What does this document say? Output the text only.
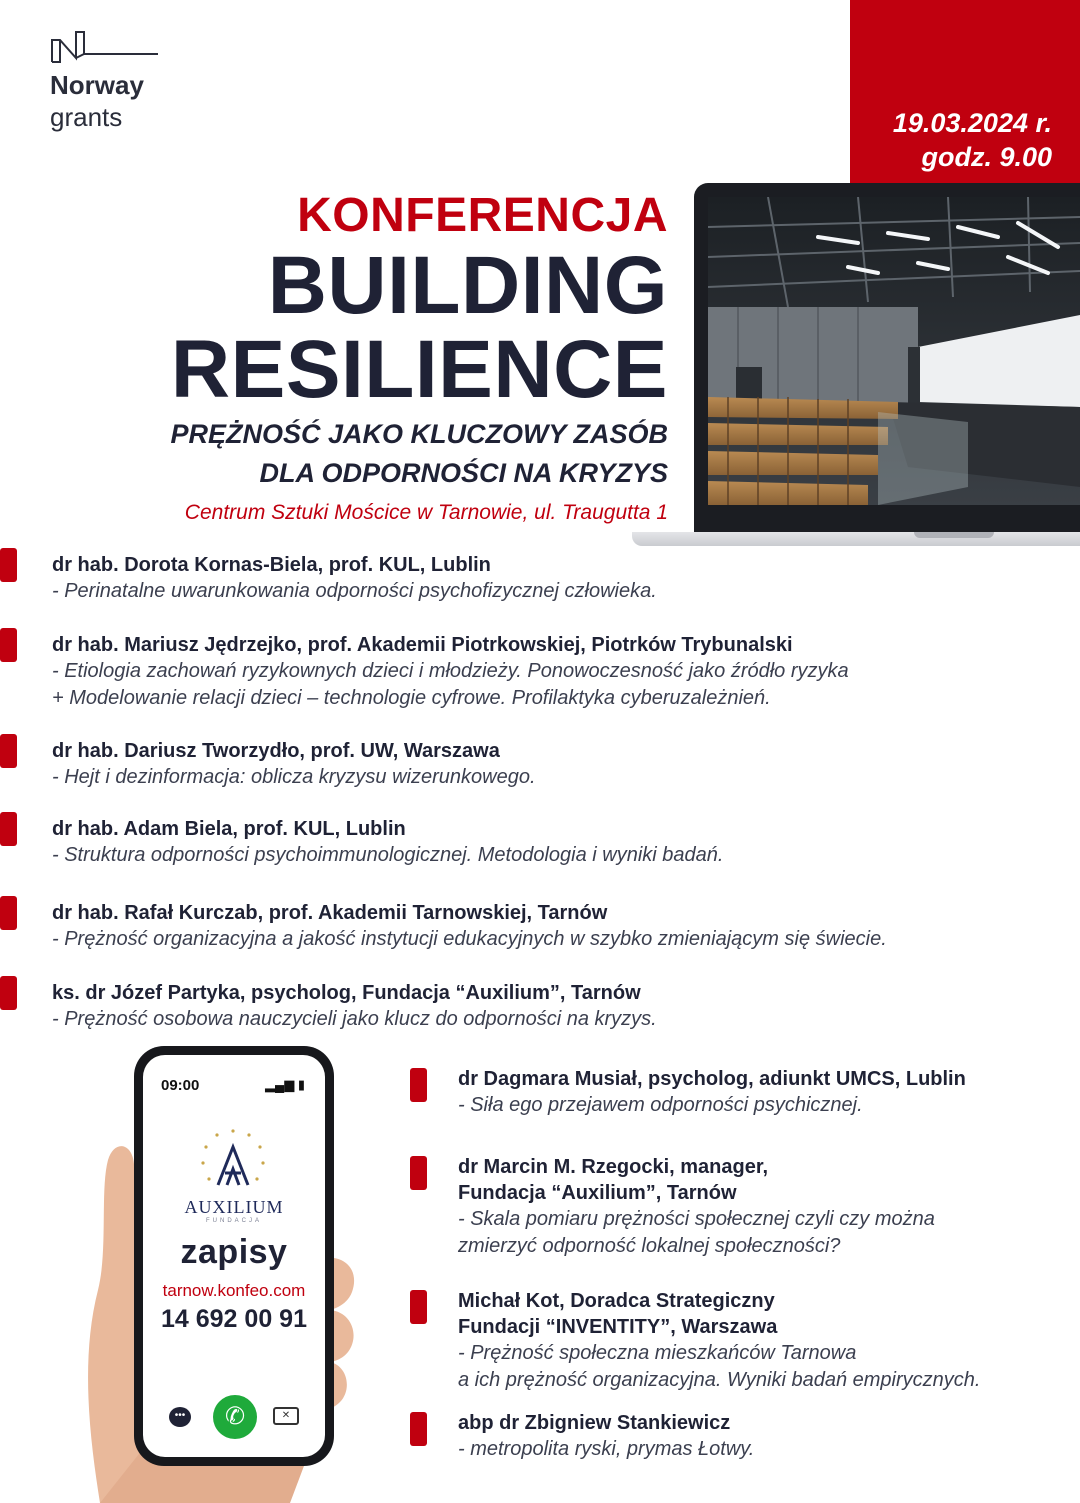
Norway
grants	19.03.2024 r.
godz. 9.00
KONFERENCJA
BUILDING
RESILIENCE
PRĘŻNOŚĆ JAKO KLUCZOWY ZASÓB
DLA ODPORNOŚCI NA KRYZYS
Centrum Sztuki Mościce w Tarnowie, ul. Traugutta 1
dr hab. Dorota Kornas-Biela, prof. KUL, Lublin
- Perinatalne uwarunkowania odporności psychofizycznej człowieka.
dr hab. Mariusz Jędrzejko, prof. Akademii Piotrkowskiej, Piotrków Trybunalski
- Etiologia zachowań ryzykownych dzieci i młodzieży. Ponowoczesność jako źródło ryzyka
+ Modelowanie relacji dzieci – technologie cyfrowe. Profilaktyka cyberuzależnień.
dr hab. Dariusz Tworzydło, prof. UW, Warszawa
- Hejt i dezinformacja: oblicza kryzysu wizerunkowego.
dr hab. Adam Biela, prof. KUL, Lublin
- Struktura odporności psychoimmunologicznej. Metodologia i wyniki badań.
dr hab. Rafał Kurczab, prof. Akademii Tarnowskiej, Tarnów
- Prężność organizacyjna a jakość instytucji edukacyjnych w szybko zmieniającym się świecie.
ks. dr Józef Partyka, psycholog, Fundacja “Auxilium”, Tarnów
- Prężność osobowa nauczycieli jako klucz do odporności na kryzys.
dr Dagmara Musiał, psycholog, adiunkt UMCS, Lublin
- Siła ego przejawem odporności psychicznej.
dr Marcin M. Rzegocki, manager,
Fundacja “Auxilium”, Tarnów
- Skala pomiaru prężności społecznej czyli czy można
zmierzyć odporność lokalnej społeczności?
Michał Kot, Doradca Strategiczny
Fundacji “INVENTITY”, Warszawa
- Prężność społeczna mieszkańców Tarnowa
a ich prężność organizacyjna. Wyniki badań empirycznych.
abp dr Zbigniew Stankiewicz
- metropolita ryski, prymas Łotwy.
09:00	▂▄▆ ▮
AUXILIUM
FUNDACJA
zapisy
tarnow.konfeo.com
14 692 00 91
•••	✆	✕
